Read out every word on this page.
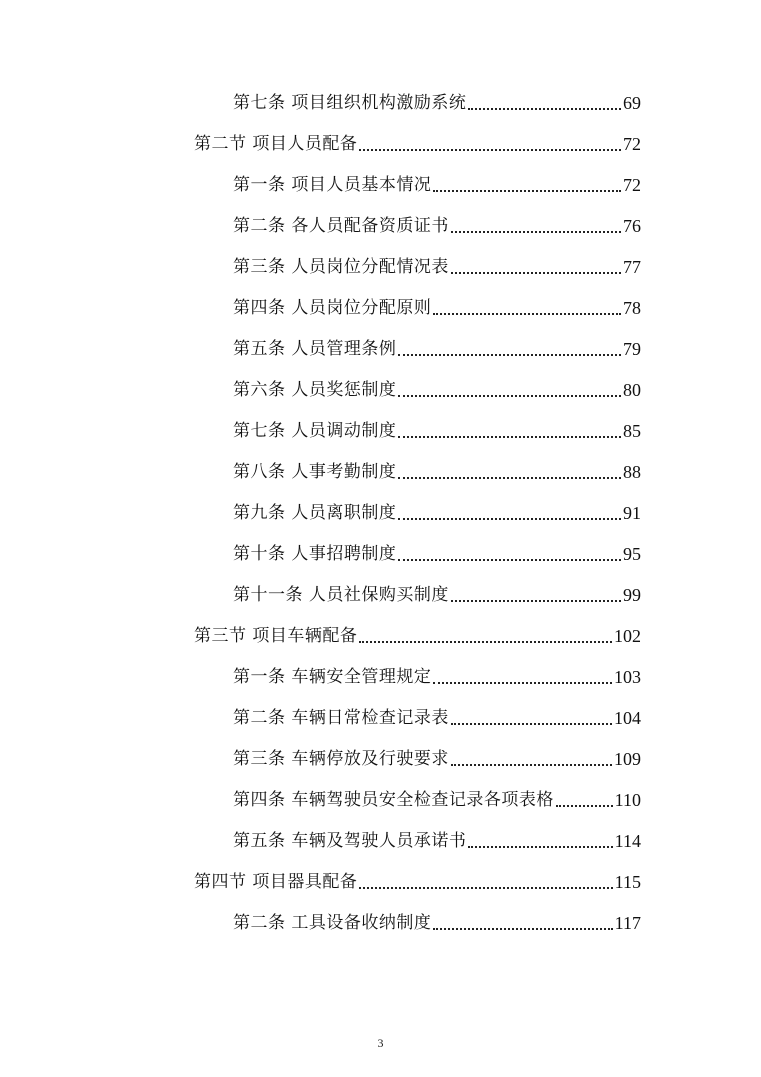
第七条 项目组织机构激励系统	69
第二节 项目人员配备	72
第一条 项目人员基本情况	72
第二条 各人员配备资质证书	76
第三条 人员岗位分配情况表	77
第四条 人员岗位分配原则	78
第五条 人员管理条例	79
第六条 人员奖惩制度	80
第七条 人员调动制度	85
第八条 人事考勤制度	88
第九条 人员离职制度	91
第十条 人事招聘制度	95
第十一条 人员社保购买制度	99
第三节 项目车辆配备	102
第一条 车辆安全管理规定	103
第二条 车辆日常检查记录表	104
第三条 车辆停放及行驶要求	109
第四条 车辆驾驶员安全检查记录各项表格	110
第五条 车辆及驾驶人员承诺书	114
第四节 项目器具配备	115
第二条 工具设备收纳制度	117
3
